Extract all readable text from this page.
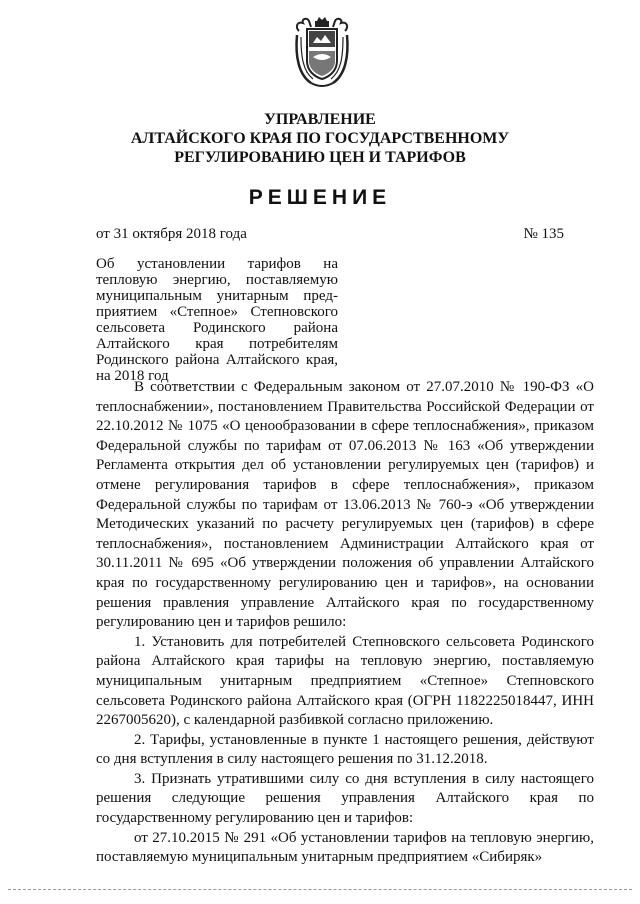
УПРАВЛЕНИЕ
АЛТАЙСКОГО КРАЯ ПО ГОСУДАРСТВЕННОМУ
РЕГУЛИРОВАНИЮ ЦЕН И ТАРИФОВ
РЕШЕНИЕ
от 31 октября 2018 года	№ 135
Об установлении тарифов на тепловую энергию, поставляемую муниципальным унитарным предприятием «Степное» Степновского сельсовета Родинского района Алтайского края потребителям Родинского района Алтайского края, на 2018 год

В соответствии с Федеральным законом от 27.07.2010 № 190-ФЗ «О теплоснабжении», постановлением Правительства Российской Федерации от 22.10.2012 № 1075 «О ценообразовании в сфере теплоснабжения», приказом Федеральной службы по тарифам от 07.06.2013 № 163 «Об утверждении Регламента открытия дел об установлении регулируемых цен (тарифов) и отмене регулирования тарифов в сфере теплоснабжения», приказом Федеральной службы по тарифам от 13.06.2013 № 760-э «Об утверждении Методических указаний по расчету регулируемых цен (тарифов) в сфере теплоснабжения», постановлением Администрации Алтайского края от 30.11.2011 № 695 «Об утверждении положения об управлении Алтайского края по государственному регулированию цен и тарифов», на основании решения правления управление Алтайского края по государственному регулированию цен и тарифов решило:

1. Установить для потребителей Степновского сельсовета Родинского района Алтайского края тарифы на тепловую энергию, поставляемую муниципальным унитарным предприятием «Степное» Степновского сельсовета Родинского района Алтайского края (ОГРН 1182225018447, ИНН 2267005620), с календарной разбивкой согласно приложению.

2. Тарифы, установленные в пункте 1 настоящего решения, действуют со дня вступления в силу настоящего решения по 31.12.2018.

3. Признать утратившими силу со дня вступления в силу настоящего решения следующие решения управления Алтайского края по государственному регулированию цен и тарифов:

от 27.10.2015 № 291 «Об установлении тарифов на тепловую энергию, поставляемую муниципальным унитарным предприятием «Сибиряк»
